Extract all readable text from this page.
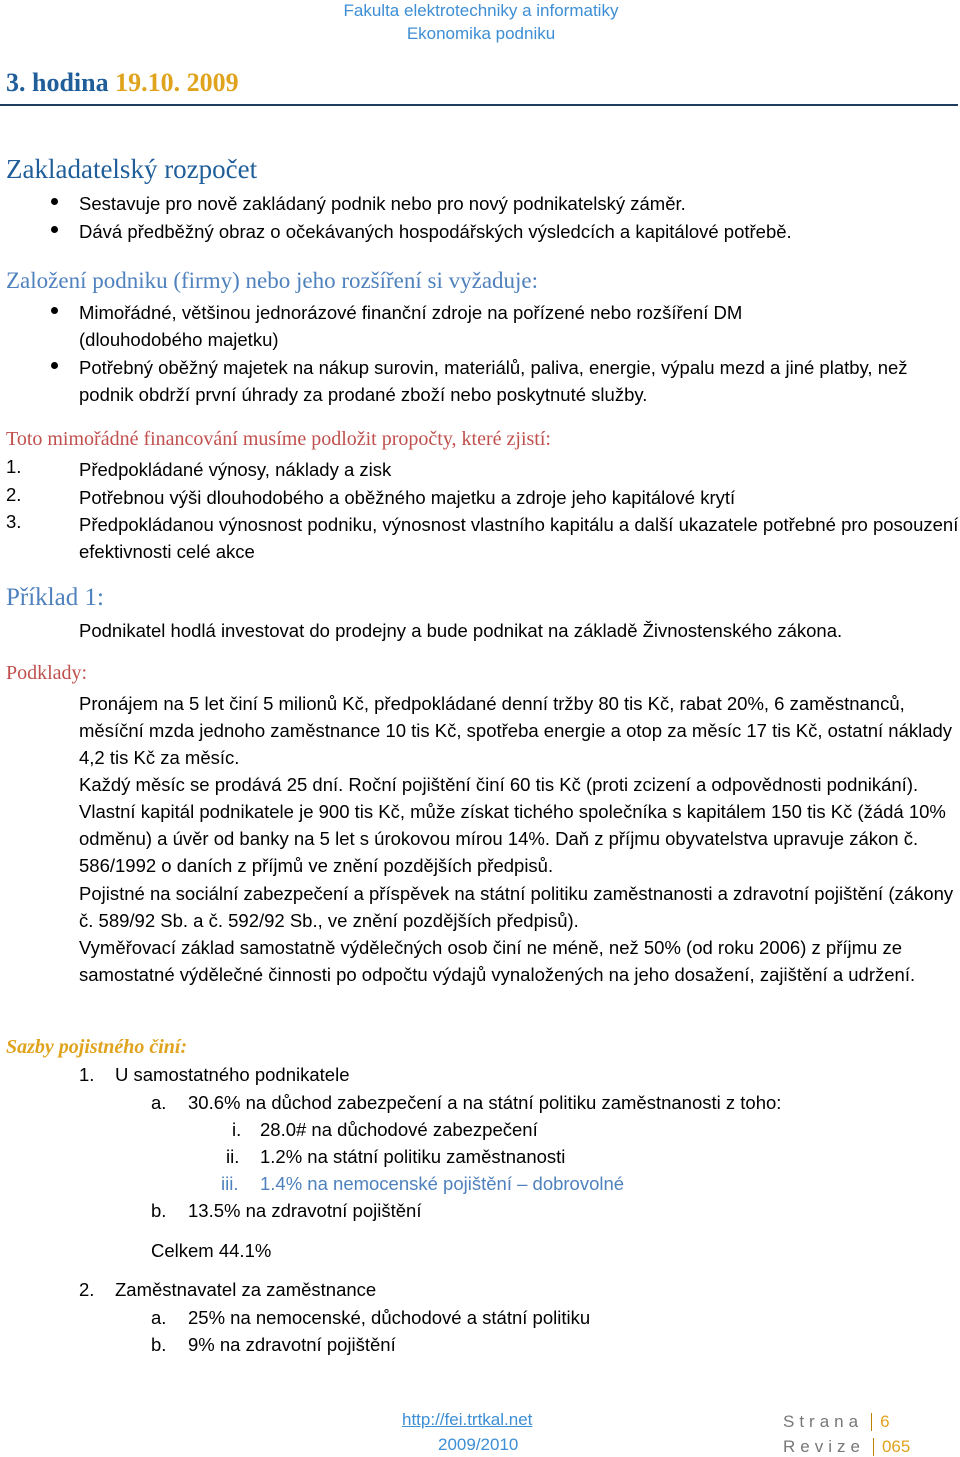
Fakulta elektrotechniky a informatiky
Ekonomika podniku
3. hodina 19.10. 2009
Zakladatelský rozpočet
Sestavuje pro nově zakládaný podnik nebo pro nový podnikatelský záměr.
Dává předběžný obraz o očekávaných hospodářských výsledcích a kapitálové potřebě.
Založení podniku (firmy) nebo jeho rozšíření si vyžaduje:
Mimořádné, většinou jednorázové finanční zdroje na pořízené nebo rozšíření DM (dlouhodobého majetku)
Potřebný oběžný majetek na nákup surovin, materiálů, paliva, energie, výpalu mezd a jiné platby, než podnik obdrží první úhrady za prodané zboží nebo poskytnuté služby.
Toto mimořádné financování musíme podložit propočty, které zjistí:
1.	Předpokládané výnosy, náklady a zisk
2.	Potřebnou výši dlouhodobého a oběžného majetku a zdroje jeho kapitálové krytí
3.	Předpokládanou výnosnost podniku, výnosnost vlastního kapitálu a další ukazatele potřebné pro posouzení efektivnosti celé akce
Příklad 1:
Podnikatel hodlá investovat do prodejny a bude podnikat na základě Živnostenského zákona.
Podklady:
Pronájem na 5 let činí 5 milionů Kč, předpokládané denní tržby 80 tis Kč, rabat 20%, 6 zaměstnanců, měsíční mzda jednoho zaměstnance 10 tis Kč, spotřeba energie a otop za měsíc 17 tis Kč, ostatní náklady 4,2 tis Kč za měsíc.
Každý měsíc se prodává 25 dní. Roční pojištění činí 60 tis Kč (proti zcizení a odpovědnosti podnikání). Vlastní kapitál podnikatele je 900 tis Kč, může získat tichého společníka s kapitálem 150 tis Kč (žádá 10% odměnu) a úvěr od banky na 5 let s úrokovou mírou 14%. Daň z příjmu obyvatelstva upravuje zákon č. 586/1992 o daních z příjmů ve znění pozdějších předpisů.
Pojistné na sociální zabezpečení a příspěvek na státní politiku zaměstnanosti a zdravotní pojištění (zákony č. 589/92 Sb. a č. 592/92 Sb., ve znění pozdějších předpisů).
Vyměřovací základ samostatně výdělečných osob činí ne méně, než 50% (od roku 2006) z příjmu ze samostatné výdělečné činnosti po odpočtu výdajů vynaložených na jeho dosažení, zajištění a udržení.
Sazby pojistného činí:
1. U samostatného podnikatele
a. 30.6% na důchod zabezpečení a na státní politiku zaměstnanosti z toho:
i. 28.0# na důchodové zabezpečení
ii. 1.2% na státní politiku zaměstnanosti
iii. 1.4% na nemocenské pojištění – dobrovolné
b. 13.5% na zdravotní pojištění
Celkem 44.1%
2. Zaměstnavatel za zaměstnance
a. 25% na nemocenské, důchodové a státní politiku
b. 9% na zdravotní pojištění
http://fei.trtkal.net
2009/2010
Strana 6
Revize 065
